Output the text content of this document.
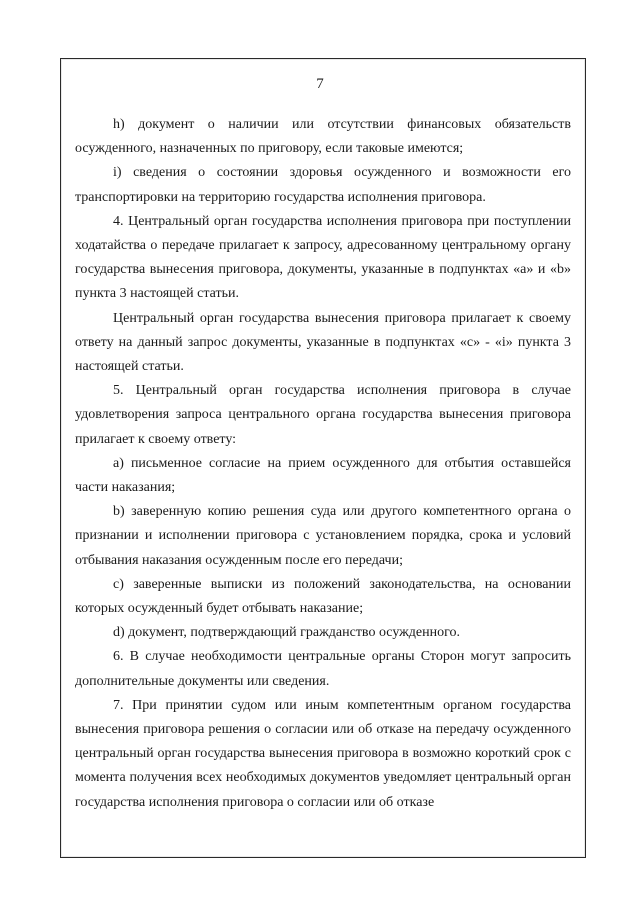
7

h) документ о наличии или отсутствии финансовых обязательств осужденного, назначенных по приговору, если таковые имеются;

i) сведения о состоянии здоровья осужденного и возможности его транспортировки на территорию государства исполнения приговора.

4. Центральный орган государства исполнения приговора при поступлении ходатайства о передаче прилагает к запросу, адресованному центральному органу государства вынесения приговора, документы, указанные в подпунктах «а» и «b» пункта 3 настоящей статьи.

Центральный орган государства вынесения приговора прилагает к своему ответу на данный запрос документы, указанные в подпунктах «с» - «i» пункта 3 настоящей статьи.

5. Центральный орган государства исполнения приговора в случае удовлетворения запроса центрального органа государства вынесения приговора прилагает к своему ответу:

а) письменное согласие на прием осужденного для отбытия оставшейся части наказания;

b) заверенную копию решения суда или другого компетентного органа о признании и исполнении приговора с установлением порядка, срока и условий отбывания наказания осужденным после его передачи;

с) заверенные выписки из положений законодательства, на основании которых осужденный будет отбывать наказание;

d) документ, подтверждающий гражданство осужденного.

6. В случае необходимости центральные органы Сторон могут запросить дополнительные документы или сведения.

7. При принятии судом или иным компетентным органом государства вынесения приговора решения о согласии или об отказе на передачу осужденного центральный орган государства вынесения приговора в возможно короткий срок с момента получения всех необходимых документов уведомляет центральный орган государства исполнения приговора о согласии или об отказе
